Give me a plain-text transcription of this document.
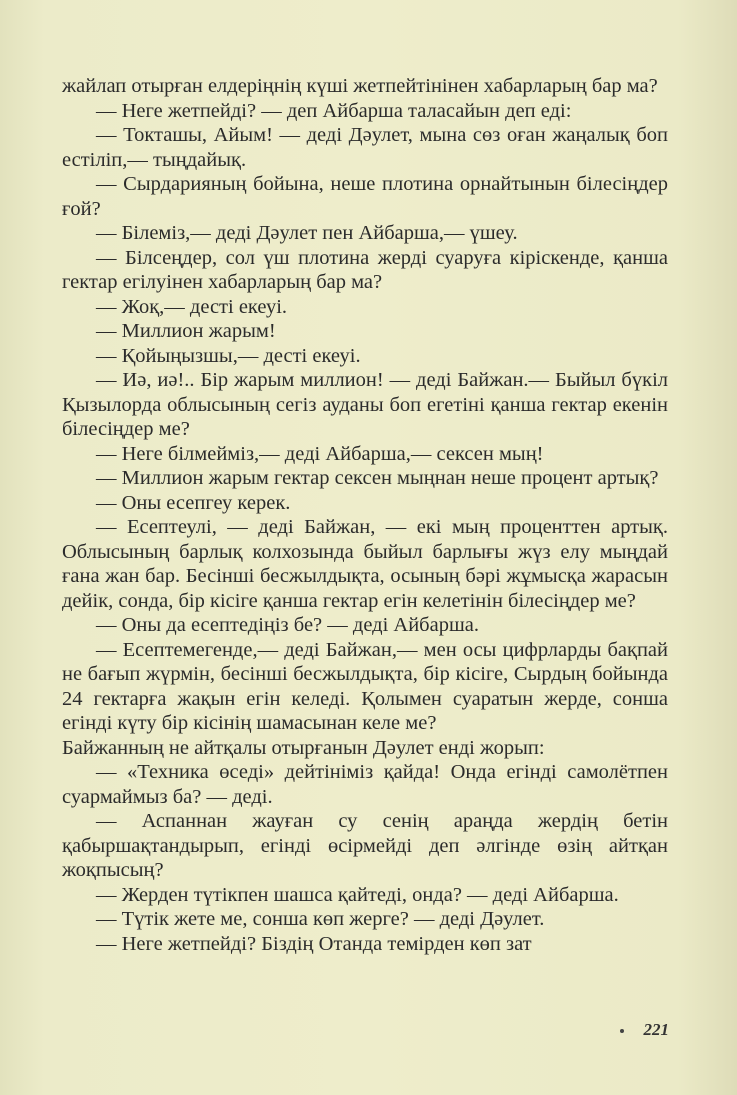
жайлап отырған елдеріңнің күші жетпейтінінен хабарларың бар ма?

— Неге жетпейді? — деп Айбарша таласайын деп еді:

— Токташы, Айым! — деді Дәулет, мына сөз оған жаңалық боп естіліп,— тыңдайық.

— Сырдарияның бойына, неше плотина орнайтынын білесіңдер ғой?

— Білеміз,— деді Дәулет пен Айбарша,— үшеу.

— Білсеңдер, сол үш плотина жерді суаруға кіріскенде, қанша гектар егілуінен хабарларың бар ма?

— Жоқ,— десті екеуі.

— Миллион жарым!

— Қойыңызшы,— десті екеуі.

— Иә, иә!.. Бір жарым миллион! — деді Байжан.— Быйыл бүкіл Қызылорда облысының сегіз ауданы боп егетіні қанша гектар екенін білесіңдер ме?

— Неге білмейміз,— деді Айбарша,— сексен мың!

— Миллион жарым гектар сексен мыңнан неше процент артық?

— Оны есепгеу керек.

— Есептеулі, — деді Байжан, — екі мың проценттен артық. Облысының барлық колхозында быйыл барлығы жүз елу мыңдай ғана жан бар. Бесінші бесжылдықта, осының бәрі жұмысқа жарасын дейік, сонда, бір кісіге қанша гектар егін келетінін білесіңдер ме?

— Оны да есептедіңіз бе? — деді Айбарша.

— Есептемегенде,— деді Байжан,— мен осы цифрларды бақпай не бағып жүрмін, бесінші бесжылдықта, бір кісіге, Сырдың бойында 24 гектарға жақын егін келеді. Қолымен суаратын жерде, сонша егінді күту бір кісінің шамасынан келе ме?

Байжанның не айтқалы отырғанын Дәулет енді жорып:

— «Техника өседі» дейтініміз қайда! Онда егінді самолётпен суармаймыз ба? — деді.

— Аспаннан жауған су сенің араңда жердің бетін қабыршақтандырып, егінді өсірмейді деп әлгінде өзің айтқан жоқпысың?

— Жерден түтікпен шашса қайтеді, онда? — деді Айбарша.

— Түтік жете ме, сонша көп жерге? — деді Дәулет.

— Неге жетпейді? Біздің Отанда темірден көп зат

221
